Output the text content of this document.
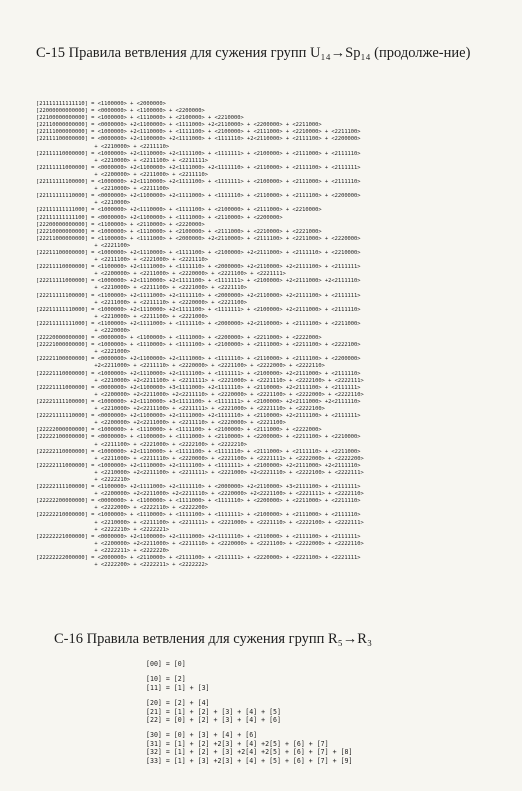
С-15 Правила ветвления для сужения групп U₁₄→Sp₁₄ (продолже-ние)
[21111111111110] = <1100000> + <2000000>
[22000000000000] = <0000000> + <1100000> + <2200000>
[22100000000000] = <1000000> + <1110000> + <2100000> + <2210000>
[22110000000000] = <0000000> +2<1100000> + <1111000> +2<2110000> + <2200000> + <2211000>
[22111000000000] = <1000000> +2<1110000> + <1111100> + <2100000> + <2111000> + <2210000> + <2211100>
[22111100000000] = <0000000> +2<1100000> +2<1111000> + <1111110> +2<2110000> + <2111100> + <2200000>
+ <2210000> + <2211110>
[22111110000000] = <1000000> +2<1110000> +2<1111100> + <1111111> + <2100000> + <2111000> + <2111110>
+ <2210000> + <2211100> + <2211111>
[22111111000000] = <0000000> +2<1100000> +2<1111000> +2<1111110> + <2110000> + <2111100> + <2111111>
+ <2200000> + <2211000> + <2211110>
[22111111100000] = <1000000> +2<1110000> +2<1111100> + <1111111> + <2100000> + <2111000> + <2111110>
+ <2210000> + <2211100>
[22111111110000] = <0000000> +2<1100000> +2<1111000> + <1111110> + <2110000> + <2111100> + <2200000>
+ <2210000>
[22111111111000] = <1000000> +2<1110000> + <1111100> + <2100000> + <2111000> + <2210000>
[22111111111100] = <0000000> +2<1100000> + <1111000> + <2110000> + <2200000>
[22200000000000] = <1100000> + <2110000> + <2220000>
[22210000000000] = <1000000> + <1110000> + <2100000> + <2111000> + <2210000> + <2221000>
[22211000000000] = <1100000> + <1111000> + <2000000> +2<2110000> + <2111100> + <2211000> + <2220000>
+ <2221100>
[22211100000000] = <1000000> +2<1110000> + <1111100> + <2100000> +2<2111000> + <2111110> + <2210000>
+ <2211100> + <2221000> + <2221110>
[22211110000000] = <1100000> +2<1111000> + <1111110> + <2000000> +2<2110000> +2<2111100> + <2111111>
+ <2200000> + <2211000> + <2220000> + <2221100> + <2221111>
[22211111000000] = <1000000> +2<1110000> +2<1111100> + <1111111> + <2100000> +2<2111000> +2<2111110>
+ <2210000> + <2211100> + <2221000> + <2221110>
[22211111100000] = <1100000> +2<1111000> +2<1111110> + <2000000> +2<2110000> +2<2111100> + <2111111>
+ <2211000> + <2211110> + <2220000> + <2221100>
[22211111110000] = <1000000> +2<1110000> +2<1111100> + <1111111> + <2100000> +2<2111000> + <2111110>
+ <2210000> + <2211100> + <2221000>
[22211111111000] = <1100000> +2<1111000> + <1111110> + <2000000> +2<2110000> + <2111100> + <2211000>
+ <2220000>
[22220000000000] = <0000000> + <1100000> + <1111000> + <2200000> + <2211000> + <2222000>
[22221000000000] = <1000000> + <1110000> + <1111100> + <2100000> + <2111000> + <2211100> + <2222100>
+ <2221000>
[22221100000000] = <0000000> +2<1100000> +2<1111000> + <1111110> + <2110000> + <2111100> + <2200000>
+2<2211000> + <2211110> + <2220000> + <2221100> + <2222000> + <2222110>
[22221110000000] = <1000000> +2<1110000> +2<1111100> + <1111111> + <2100000> +2<2111000> + <2111110>
+ <2210000> +2<2211100> + <2211111> + <2221000> + <2221110> + <2222100> + <2222111>
[22221111000000] = <0000000> +2<1100000> +3<1111000> +2<1111110> + <2110000> +2<2111100> + <2111111>
+ <2200000> +2<2211000> +2<2211110> + <2220000> + <2221100> + <2222000> + <2222110>
[22221111100000] = <1000000> +2<1110000> +3<1111100> + <1111111> + <2100000> +2<2111000> +2<2111110>
+ <2210000> +2<2211100> + <2211111> + <2221000> + <2221110> + <2222100>
[22221111110000] = <0000000> +2<1100000> +2<1111000> +2<1111110> + <2110000> +2<2111100> + <2111111>
+ <2200000> +2<2211000> + <2211110> + <2220000> + <2221100>
[22222000000000] = <1000000> + <1110000> + <1111100> + <2100000> + <2111000> + <2222000>
[22222100000000] = <0000000> + <1100000> + <1111000> + <2110000> + <2200000> + <2211100> + <2210000>
+ <2211100> + <2221000> + <2222100> + <2222210>
[22222110000000] = <1000000> +2<1110000> + <1111100> + <1111110> + <2111000> + <2111110> + <2211000>
+ <2211000> + <2211110> + <2220000> + <2221100> + <2221111> + <2222000> + <2222200>
[22222111000000] = <1000000> +2<1110000> +2<1111100> + <1111111> + <2100000> +2<2111000> +2<2111110>
+ <2210000> +2<2211100> + <2211111> + <2221000> +2<2221110> + <2222100> + <2222111>
+ <2222210>
[22222111100000] = <1100000> +2<1111000> +2<1111110> + <2000000> +2<2110000> +3<2111100> + <2111111>
+ <2200000> +2<2211000> +2<2211110> + <2220000> +2<2221100> + <2221111> + <2222110>
[22222200000000] = <0000000> + <1100000> + <1111000> + <1111110> + <2200000> + <2211000> + <2211110>
+ <2222000> + <2222110> + <2222200>
[22222210000000] = <1000000> + <1110000> + <1111100> + <1111111> + <2100000> + <2111000> + <2111110>
+ <2210000> + <2211100> + <2211111> + <2221000> + <2221110> + <2222100> + <2222111>
+ <2222210> + <2222221>
[22222221000000] = <0000000> +2<1100000> +2<1111000> +2<1111110> + <2110000> + <2111100> + <2111111>
+ <2200000> +2<2211000> + <2211110> + <2220000> + <2221100> + <2222000> + <2222110>
+ <2222211> + <2222220>
[22222222000000] = <2000000> + <2110000> + <2111100> + <2111111> + <2220000> + <2221100> + <2221111>
+ <2222200> + <2222211> + <2222222>
С-16 Правила ветвления для сужения групп R₅→R₃
[00] = [0]
[10] = [2]
[11] = [1] + [3]
[20] = [2] + [4]
[21] = [1] + [2] + [3] + [4] + [5]
[22] = [0] + [2] + [3] + [4] + [6]
[30] = [0] + [3] + [4] + [6]
[31] = [1] + [2] +2[3] + [4] +2[5] + [6] + [7]
[32] = [1] + [2] + [3] +2[4] +2[5] + [6] + [7] + [8]
[33] = [1] + [3] +2[3] + [4] + [5] + [6] + [7] + [9]
